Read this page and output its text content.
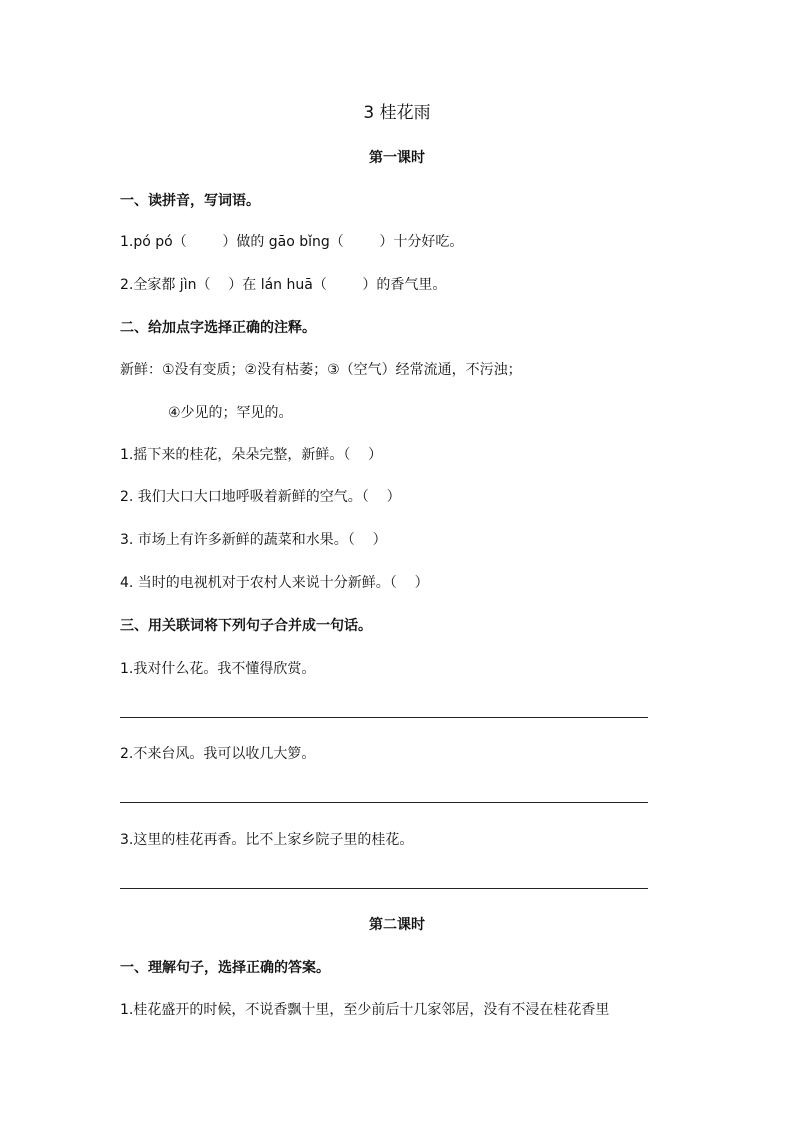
3 桂花雨
第一课时
一、读拼音，写词语。
1.pó pó（        ）做的 gāo bǐng（        ）十分好吃。
2.全家都 jìn（    ）在 lán huā（        ）的香气里。
二、给加点字选择正确的注释。
新鲜：①没有变质；②没有枯萎；③（空气）经常流通，不污浊；
④少见的；罕见的。
1.摇下来的桂花，朵朵完整，新鲜。（    ）
2. 我们大口大口地呼吸着新鲜的空气。（    ）
3. 市场上有许多新鲜的蔬菜和水果。（    ）
4. 当时的电视机对于农村人来说十分新鲜。（    ）
三、用关联词将下列句子合并成一句话。
1.我对什么花。我不懂得欣赏。
2.不来台风。我可以收几大箩。
3.这里的桂花再香。比不上家乡院子里的桂花。
第二课时
一、理解句子，选择正确的答案。
1.桂花盛开的时候，不说香飘十里，至少前后十几家邻居，没有不浸在桂花香里
